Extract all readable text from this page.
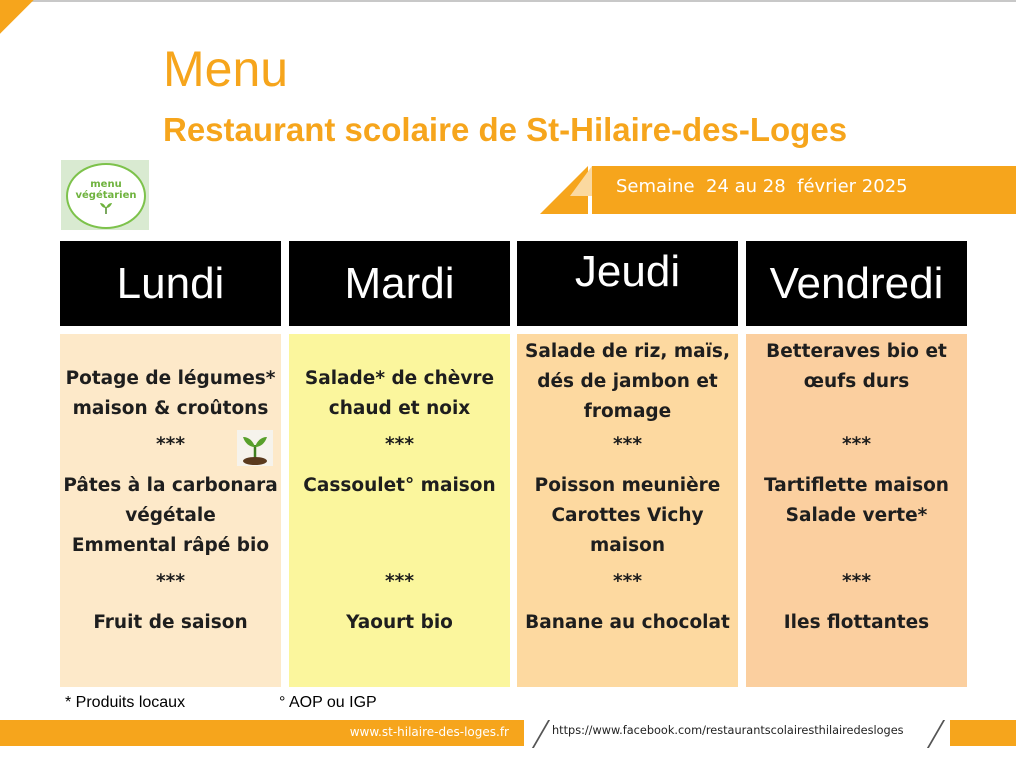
Menu
Restaurant scolaire de St-Hilaire-des-Loges
menu
végétarien	Semaine  24 au 28  février 2025
Lundi
Potage de légumes*
maison & croûtons
***
Pâtes à la carbonara
végétale
Emmental râpé bio
***
Fruit de saison
Mardi
Salade* de chèvre
chaud et noix
***
Cassoulet° maison
***
Yaourt bio
Jeudi
Salade de riz, maïs,
dés de jambon et
fromage
***
Poisson meunière
Carottes Vichy
maison
***
Banane au chocolat
Vendredi
Betteraves bio et
œufs durs
***
Tartiflette maison
Salade verte*
***
Iles flottantes
* Produits locaux	° AOP ou IGP
www.st-hilaire-des-loges.fr	https://www.facebook.com/restaurantscolairesthilairedesloges
